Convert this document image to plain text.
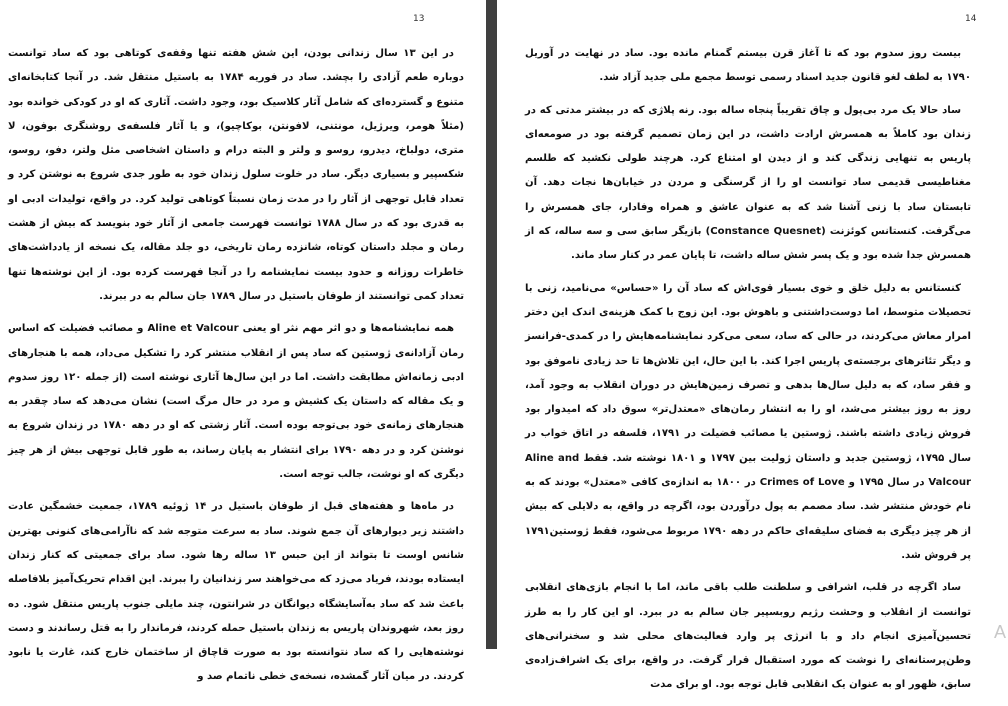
13

در این ۱۳ سال زندانی بودن، این شش هفته تنها وقفه‌ی کوتاهی بود که ساد توانست دوباره طعم آزادی را بچشد. ساد در فوریه ۱۷۸۴ به باستیل منتقل شد. در آنجا کتابخانه‌ای متنوع و گسترده‌ای که شامل آثار کلاسیک بود، وجود داشت. آثاری که او در کودکی خوانده بود (مثلاً هومر، ویرژیل، مونتنی، لافونتن، بوکاچیو)، و یا آثار فلسفه‌ی روشنگری بوفون، لا متری، دولباخ، دیدرو، روسو و ولتر و البته درام و داستان اشخاصی مثل ولتر، دفو، روسو، شکسپیر و بسیاری دیگر. ساد در خلوت سلول زندان خود به طور جدی شروع به نوشتن کرد و تعداد قابل توجهی از آثار را در مدت زمان نسبتاً کوتاهی تولید کرد. در واقع، تولیدات ادبی او به قدری بود که در سال ۱۷۸۸ توانست فهرست جامعی از آثار خود بنویسد که بیش از هشت رمان و مجلد داستان کوتاه، شانزده رمان تاریخی، دو جلد مقاله، یک نسخه از یادداشت‌های خاطرات روزانه و حدود بیست نمایشنامه را در آنجا فهرست کرده بود. از این نوشته‌ها تنها تعداد کمی توانستند از طوفان باستیل در سال ۱۷۸۹ جان سالم به در ببرند.

همه نمایشنامه‌ها و دو اثر مهم نثر او یعنی Aline et Valcour و مصائب فضیلت که اساس رمان آزادانه‌ی ژوستین که ساد پس از انقلاب منتشر کرد را تشکیل می‌داد، همه با هنجارهای ادبی زمانه‌اش مطابقت داشت. اما در این سال‌ها آثاری نوشته است (از جمله ۱۲۰ روز سدوم و یک مقاله که داستان یک کشیش و مرد در حال مرگ است) نشان می‌دهد که ساد چقدر به هنجارهای زمانه‌ی خود بی‌توجه بوده است. آثار زشتی که او در دهه ۱۷۸۰ در زندان شروع به نوشتن کرد و در دهه ۱۷۹۰ برای انتشار به پایان رساند، به طور قابل توجهی بیش از هر چیز دیگری که او نوشت، جالب توجه است.

در ماه‌ها و هفته‌های قبل از طوفان باستیل در ۱۴ ژوئیه ۱۷۸۹، جمعیت خشمگین عادت داشتند زیر دیوارهای آن جمع شوند. ساد به سرعت متوجه شد که ناآرامی‌های کنونی بهترین شانس اوست تا بتواند از این حبس ۱۳ ساله رها شود. ساد برای جمعیتی که کنار زندان ایستاده بودند، فریاد می‌زد که می‌خواهند سر زندانیان را ببرند. این اقدام تحریک‌آمیز بلافاصله باعث شد که ساد به‌آسایشگاه دیوانگان در شرانتون، چند مایلی جنوب پاریس منتقل شود. ده روز بعد، شهروندان پاریس به زندان باستیل حمله کردند، فرماندار را به قتل رساندند و دست نوشته‌هایی را که ساد نتوانسته بود به صورت قاچاق از ساختمان خارج کند، غارت یا نابود کردند. در میان آثار گمشده، نسخه‌ی خطی ناتمام صد و

14

بیست روز سدوم بود که تا آغاز قرن بیستم گمنام مانده بود. ساد در نهایت در آوریل ۱۷۹۰ به لطف لغو قانون جدید اسناد رسمی توسط مجمع ملی جدید آزاد شد.

ساد حالا یک مرد بی‌پول و چاق تقریباً پنجاه ساله بود. رنه پلاژی که در بیشتر مدتی که در زندان بود کاملاً به همسرش ارادت داشت، در این زمان تصمیم گرفته بود در صومعه‌ای پاریس به تنهایی زندگی کند و از دیدن او امتناع کرد. هرچند طولی نکشید که طلسم مغناطیسی قدیمی ساد توانست او را از گرسنگی و مردن در خیابان‌ها نجات دهد. آن تابستان ساد با زنی آشنا شد که به عنوان عاشق و همراه وفادار، جای همسرش را می‌گرفت. کنستانس کوئزنت (Constance Quesnet) بازیگر سابق سی و سه ساله، که از همسرش جدا شده بود و یک پسر شش ساله داشت، تا پایان عمر در کنار ساد ماند.

کنستانس به دلیل خلق و خوی بسیار قوی‌اش که ساد آن را «حساس» می‌نامید، زنی با تحصیلات متوسط، اما دوست‌داشتنی و باهوش بود. این زوج با کمک هزینه‌ی اندک این دختر امرار معاش می‌کردند، در حالی که ساد، سعی می‌کرد نمایشنامه‌هایش را در کمدی-فرانسز و دیگر تئاترهای برجسته‌ی پاریس اجرا کند. با این حال، این تلاش‌ها تا حد زیادی ناموفق بود و فقر ساد، که به دلیل سال‌ها بدهی و تصرف زمین‌هایش در دوران انقلاب به وجود آمد، روز به روز بیشتر می‌شد، او را به انتشار رمان‌های «معتدل‌تر» سوق داد که امیدوار بود فروش زیادی داشته باشند. ژوستین یا مصائب فضیلت در ۱۷۹۱، فلسفه در اتاق خواب در سال ۱۷۹۵، ژوستین جدید و داستان ژولیت بین ۱۷۹۷ و ۱۸۰۱ نوشته شد. فقط Aline and Valcour در سال ۱۷۹۵ و Crimes of Love در ۱۸۰۰ به اندازه‌ی کافی «معتدل» بودند که به نام خودش منتشر شد. ساد مصمم به پول درآوردن بود، اگرچه در واقع، به دلایلی که بیش از هر چیز دیگری به فضای سلیقه‌ای حاکم در دهه ۱۷۹۰ مربوط می‌شود، فقط ژوستین۱۷۹۱ پر فروش شد.

ساد اگرچه در قلب، اشرافی و سلطنت طلب باقی ماند، اما با انجام بازی‌های انقلابی توانست از انقلاب و وحشت رژیم روبسپیر جان سالم به در ببرد. او این کار را به طرز تحسین‌آمیزی انجام داد و با انرژی پر وارد فعالیت‌های محلی شد و سخنرانی‌های وطن‌پرستانه‌ای را نوشت که مورد استقبال قرار گرفت. در واقع، برای یک اشراف‌زاده‌ی سابق، ظهور او به عنوان یک انقلابی قابل توجه بود. او برای مدت

A
